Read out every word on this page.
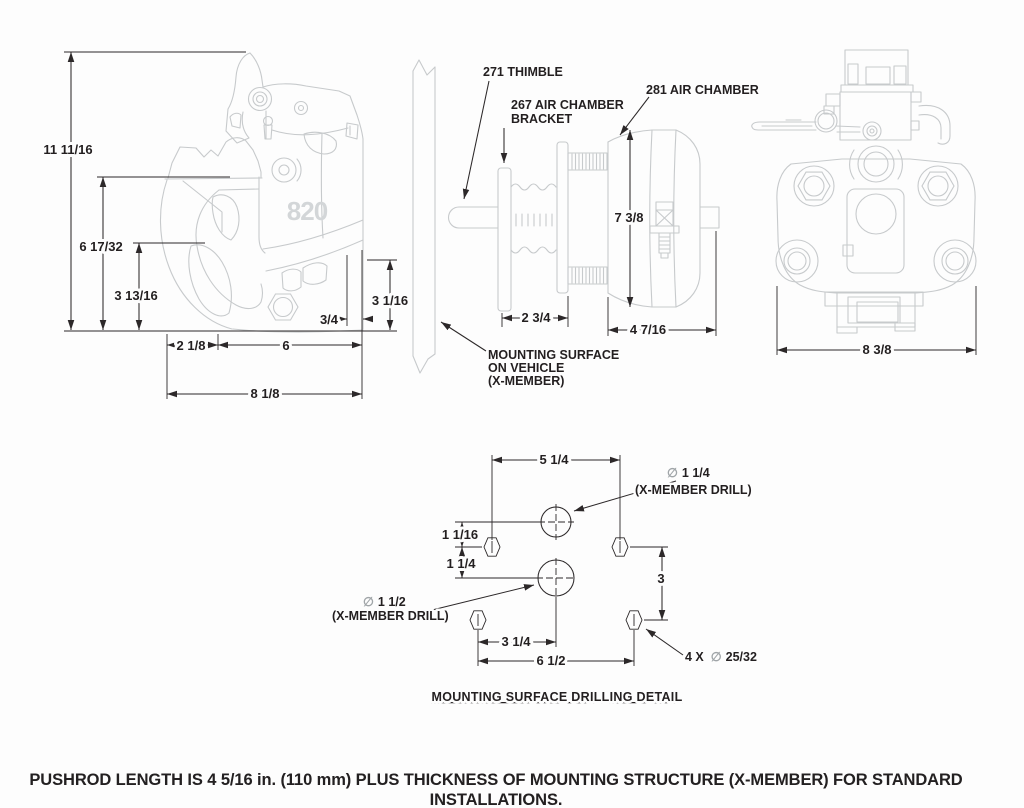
820
11 11/16
6 17/32
3 13/16	3 1/16
3/4
2 1/8	6
8 1/8
271 THIMBLE
267 AIR CHAMBER
BRACKET
281 AIR CHAMBER
7 3/8
2 3/4
4 7/16
MOUNTING SURFACE
ON VEHICLE
(X-MEMBER)
8 3/8
5 1/4
1 1/16
1 1/4
3
3 1/4
6 1/2
∅ 1 1/4
(X-MEMBER DRILL)
∅ 1 1/2
(X-MEMBER DRILL)
4 X ∅ 25/32
MOUNTING SURFACE DRILLING DETAIL
PUSHROD LENGTH IS 4 5/16 in. (110 mm) PLUS THICKNESS OF MOUNTING STRUCTURE (X-MEMBER) FOR STANDARD INSTALLATIONS.
